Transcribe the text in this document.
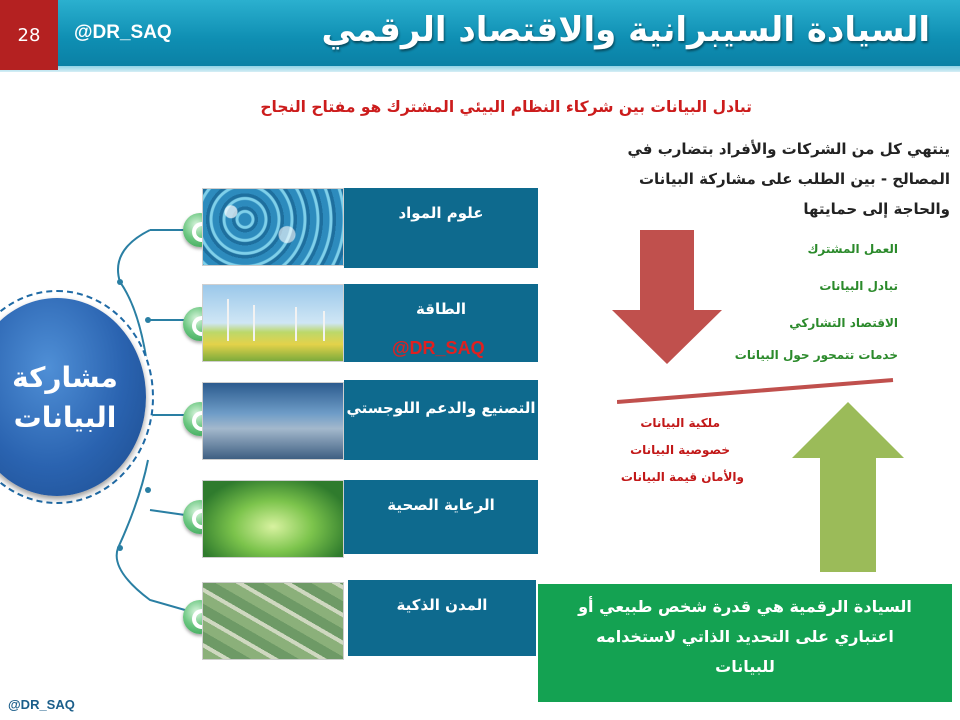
28	@DR_SAQ	السيادة السيبرانية والاقتصاد الرقمي
تبادل البيانات بين شركاء النظام البيئي المشترك هو مفتاح النجاح
ينتهي كل من الشركات والأفراد بتضارب في
المصالح - بين الطلب على مشاركة البيانات
والحاجة إلى حمايتها
مشاركة
البيانات
علوم المواد
الطاقة
@DR_SAQ
التصنيع والدعم اللوجستي
الرعاية الصحية
المدن الذكية
العمل المشترك
تبادل البيانات
الاقتصاد التشاركي
خدمات تتمحور حول البيانات
ملكية البيانات
خصوصية البيانات
والأمان قيمة البيانات
السيادة الرقمية هي قدرة شخص طبيعي أو
اعتباري على التحديد الذاتي لاستخدامه
للبيانات
@DR_SAQ
